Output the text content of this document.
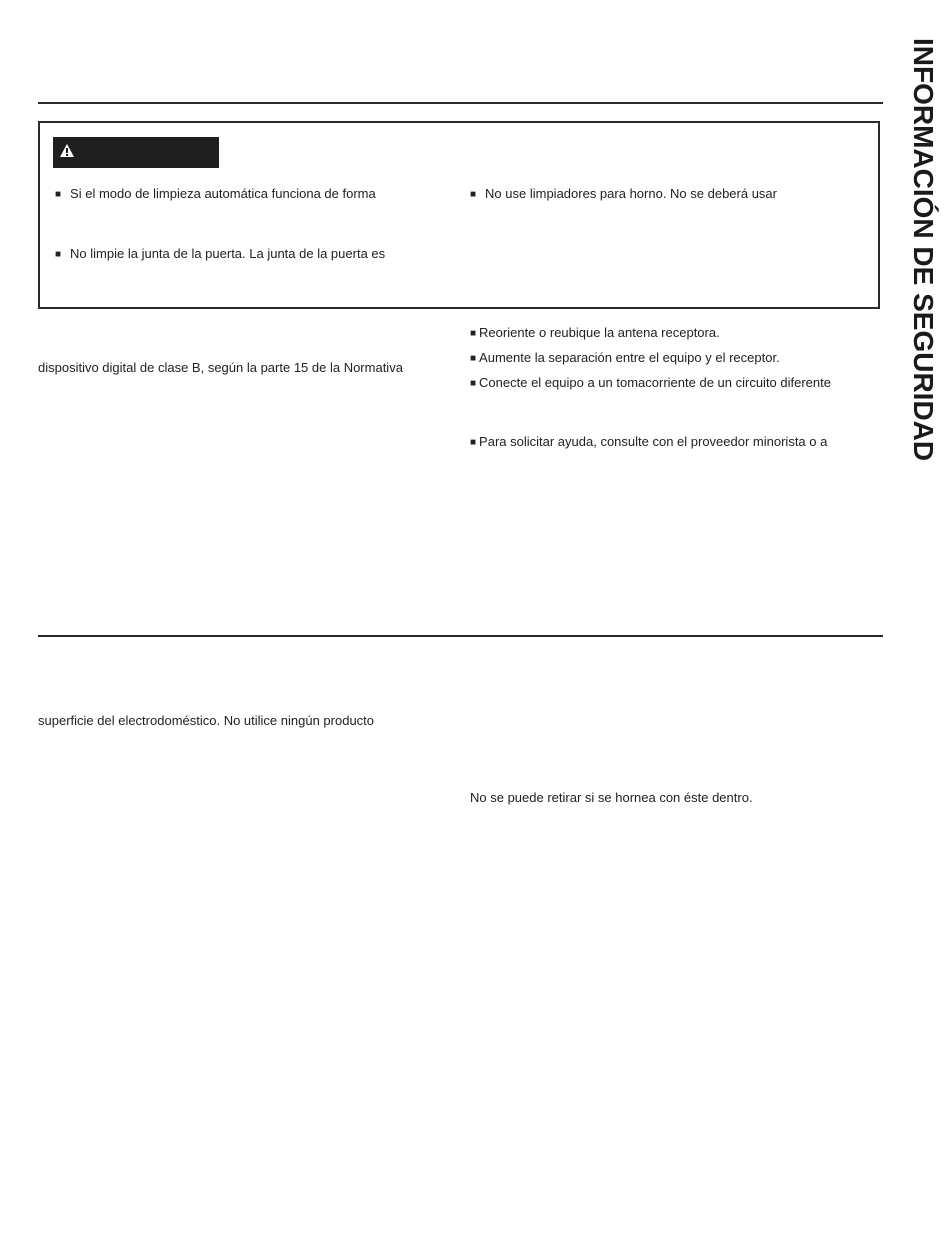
■ Si el modo de limpieza automática funciona de forma
■ No limpie la junta de la puerta. La junta de la puerta es
■ No use limpiadores para horno. No se deberá usar
dispositivo digital de clase B, según la parte 15 de la Normativa
■ Reoriente o reubique la antena receptora.
■ Aumente la separación entre el equipo y el receptor.
■ Conecte el equipo a un tomacorriente de un circuito diferente
■ Para solicitar ayuda, consulte con el proveedor minorista o a
superficie del electrodoméstico. No utilice ningún producto
No se puede retirar si se hornea con éste dentro.
INFORMACIÓN DE SEGURIDAD
